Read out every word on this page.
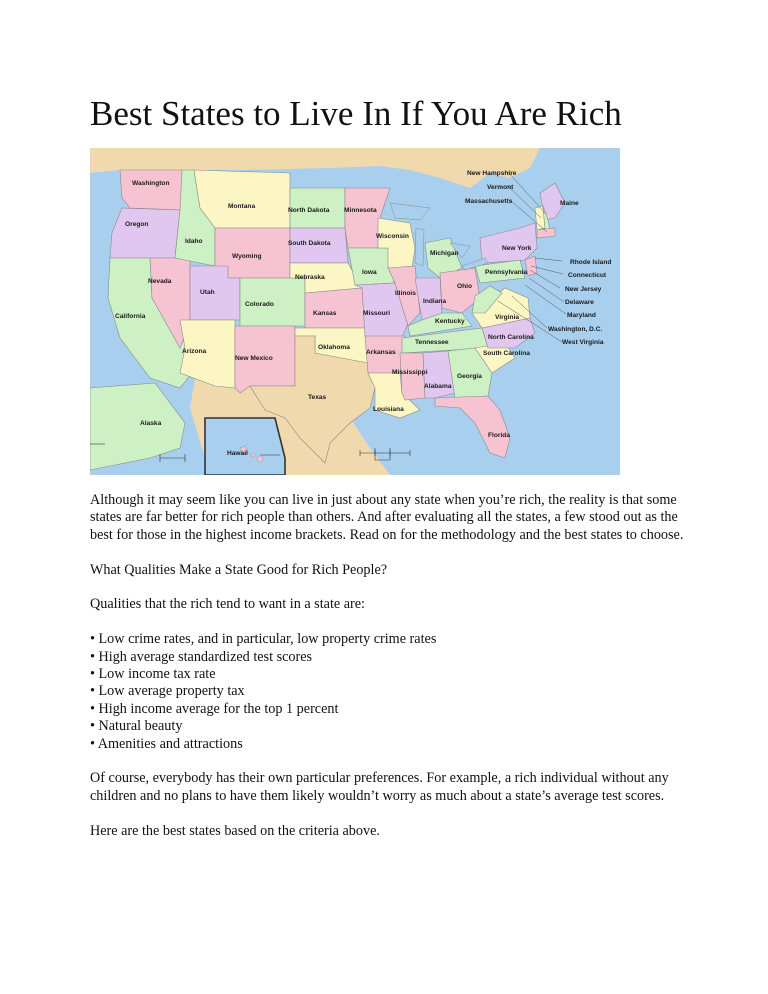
Best States to Live In If You Are Rich
Washington
Oregon
California
Idaho
Nevada
Montana
Wyoming
Utah
Arizona
Colorado
New Mexico
North Dakota
South Dakota
Nebraska
Kansas
Oklahoma
Texas
Minnesota
Iowa
Missouri
Arkansas
Louisiana
Wisconsin
Illinois
Michigan
Indiana
Ohio
Kentucky
Tennessee
Mississippi
Alabama
Georgia
Florida
South Carolina
North Carolina
Virginia
West Virginia
Pennsylvania
New York
Maine
New Hampshire
Vermont
Massachusetts
Rhode Island
Connecticut
New Jersey
Delaware
Maryland
Washington, D.C.
Alaska
Hawaii

Although it may seem like you can live in just about any state when you’re rich, the reality is that some states are far better for rich people than others. And after evaluating all the states, a few stood out as the best for those in the highest income brackets. Read on for the methodology and the best states to choose.

What Qualities Make a State Good for Rich People?

Qualities that the rich tend to want in a state are:

• Low crime rates, and in particular, low property crime rates
• High average standardized test scores
• Low income tax rate
• Low average property tax
• High income average for the top 1 percent
• Natural beauty
• Amenities and attractions

Of course, everybody has their own particular preferences. For example, a rich individual without any children and no plans to have them likely wouldn’t worry as much about a state’s average test scores.

Here are the best states based on the criteria above.
